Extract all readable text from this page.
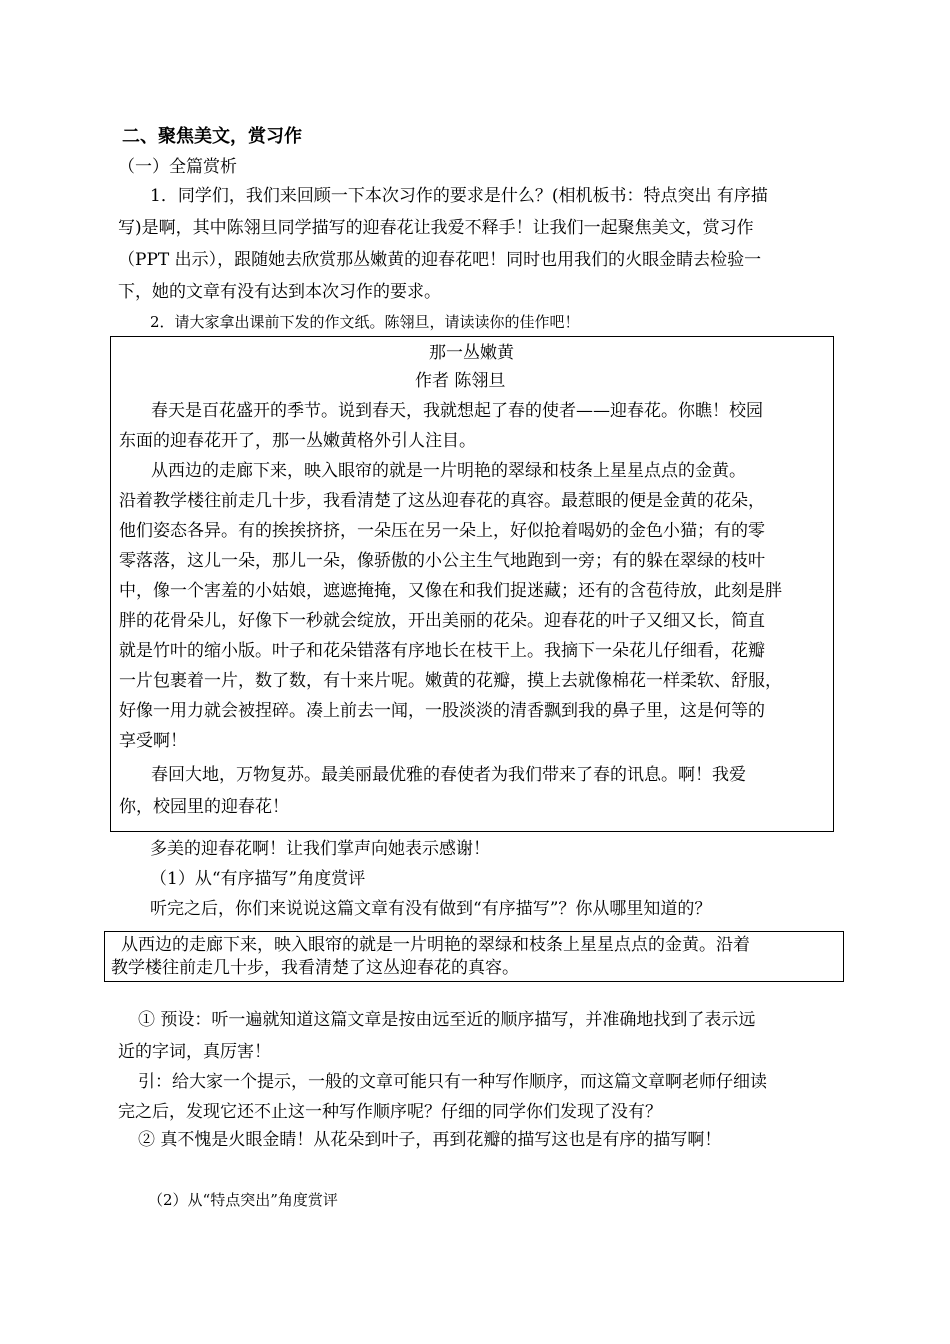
二、聚焦美文，赏习作
（一）全篇赏析
1．同学们，我们来回顾一下本次习作的要求是什么？(相机板书：特点突出 有序描
写)是啊，其中陈翎旦同学描写的迎春花让我爱不释手！让我们一起聚焦美文，赏习作
（PPT 出示），跟随她去欣赏那丛嫩黄的迎春花吧！同时也用我们的火眼金睛去检验一
下，她的文章有没有达到本次习作的要求。
2．请大家拿出课前下发的作文纸。陈翎旦，请读读你的佳作吧！
那一丛嫩黄
作者 陈翎旦
春天是百花盛开的季节。说到春天，我就想起了春的使者——迎春花。你瞧！校园
东面的迎春花开了，那一丛嫩黄格外引人注目。
从西边的走廊下来，映入眼帘的就是一片明艳的翠绿和枝条上星星点点的金黄。
沿着教学楼往前走几十步，我看清楚了这丛迎春花的真容。最惹眼的便是金黄的花朵，
他们姿态各异。有的挨挨挤挤，一朵压在另一朵上，好似抢着喝奶的金色小猫；有的零
零落落，这儿一朵，那儿一朵，像骄傲的小公主生气地跑到一旁；有的躲在翠绿的枝叶
中，像一个害羞的小姑娘，遮遮掩掩，又像在和我们捉迷藏；还有的含苞待放，此刻是胖
胖的花骨朵儿，好像下一秒就会绽放，开出美丽的花朵。迎春花的叶子又细又长，简直
就是竹叶的缩小版。叶子和花朵错落有序地长在枝干上。我摘下一朵花儿仔细看，花瓣
一片包裹着一片，数了数，有十来片呢。嫩黄的花瓣，摸上去就像棉花一样柔软、舒服，
好像一用力就会被捏碎。凑上前去一闻，一股淡淡的清香飘到我的鼻子里，这是何等的
享受啊！
春回大地，万物复苏。最美丽最优雅的春使者为我们带来了春的讯息。啊！我爱
你，校园里的迎春花！
多美的迎春花啊！让我们掌声向她表示感谢！
（1）从“有序描写”角度赏评
听完之后，你们来说说这篇文章有没有做到“有序描写”？你从哪里知道的？
从西边的走廊下来，映入眼帘的就是一片明艳的翠绿和枝条上星星点点的金黄。沿着
教学楼往前走几十步，我看清楚了这丛迎春花的真容。
① 预设：听一遍就知道这篇文章是按由远至近的顺序描写，并准确地找到了表示远
近的字词，真厉害！
引：给大家一个提示，一般的文章可能只有一种写作顺序，而这篇文章啊老师仔细读
完之后，发现它还不止这一种写作顺序呢？仔细的同学你们发现了没有？
② 真不愧是火眼金睛！从花朵到叶子，再到花瓣的描写这也是有序的描写啊！
（2）从“特点突出”角度赏评
